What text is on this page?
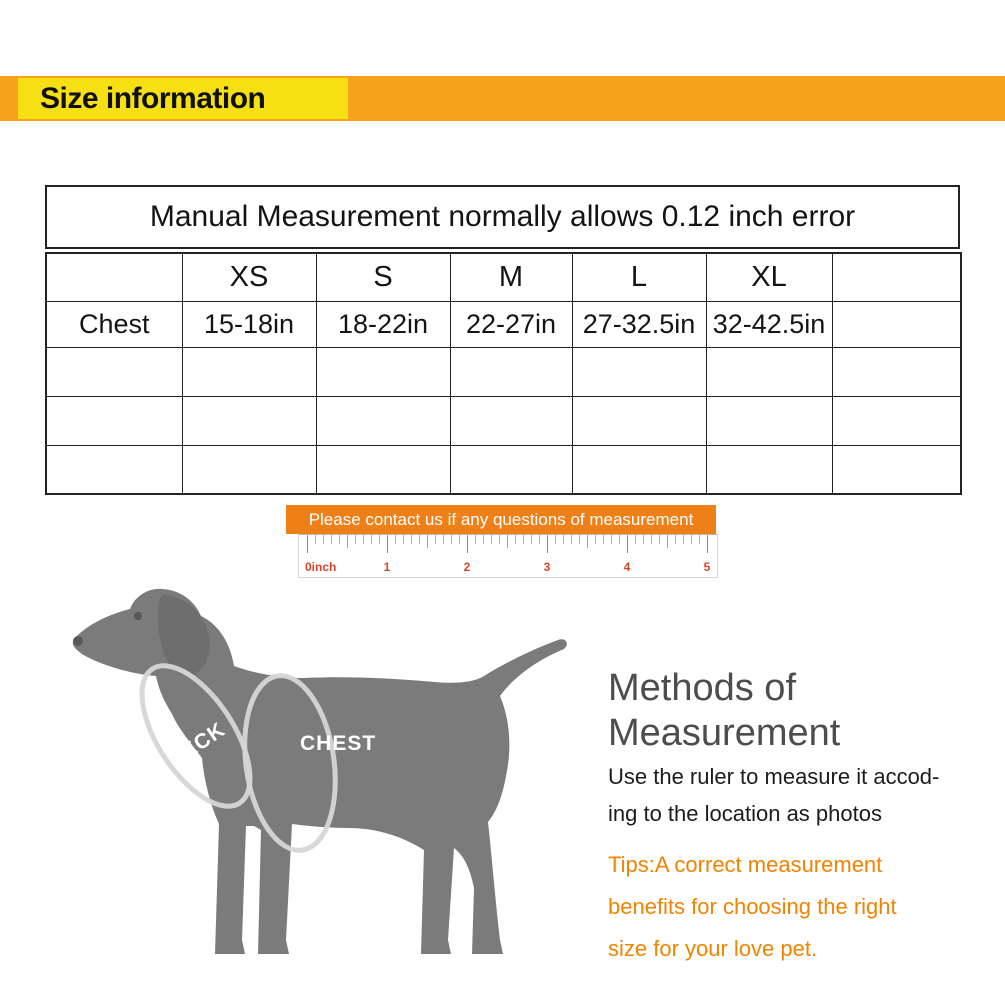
Size information
Manual Measurement normally allows 0.12 inch error
	XS	S	M	L	XL	
Chest	15-18in	18-22in	22-27in	27-32.5in	32-42.5in	

Please contact us if any questions of measurement
0inch	1	2	3	4	5
NECK	CHEST
Methods of
Measurement
Use the ruler to measure it accod-
ing to the location as photos
Tips:A correct measurement
benefits for choosing the right
size for your love pet.
